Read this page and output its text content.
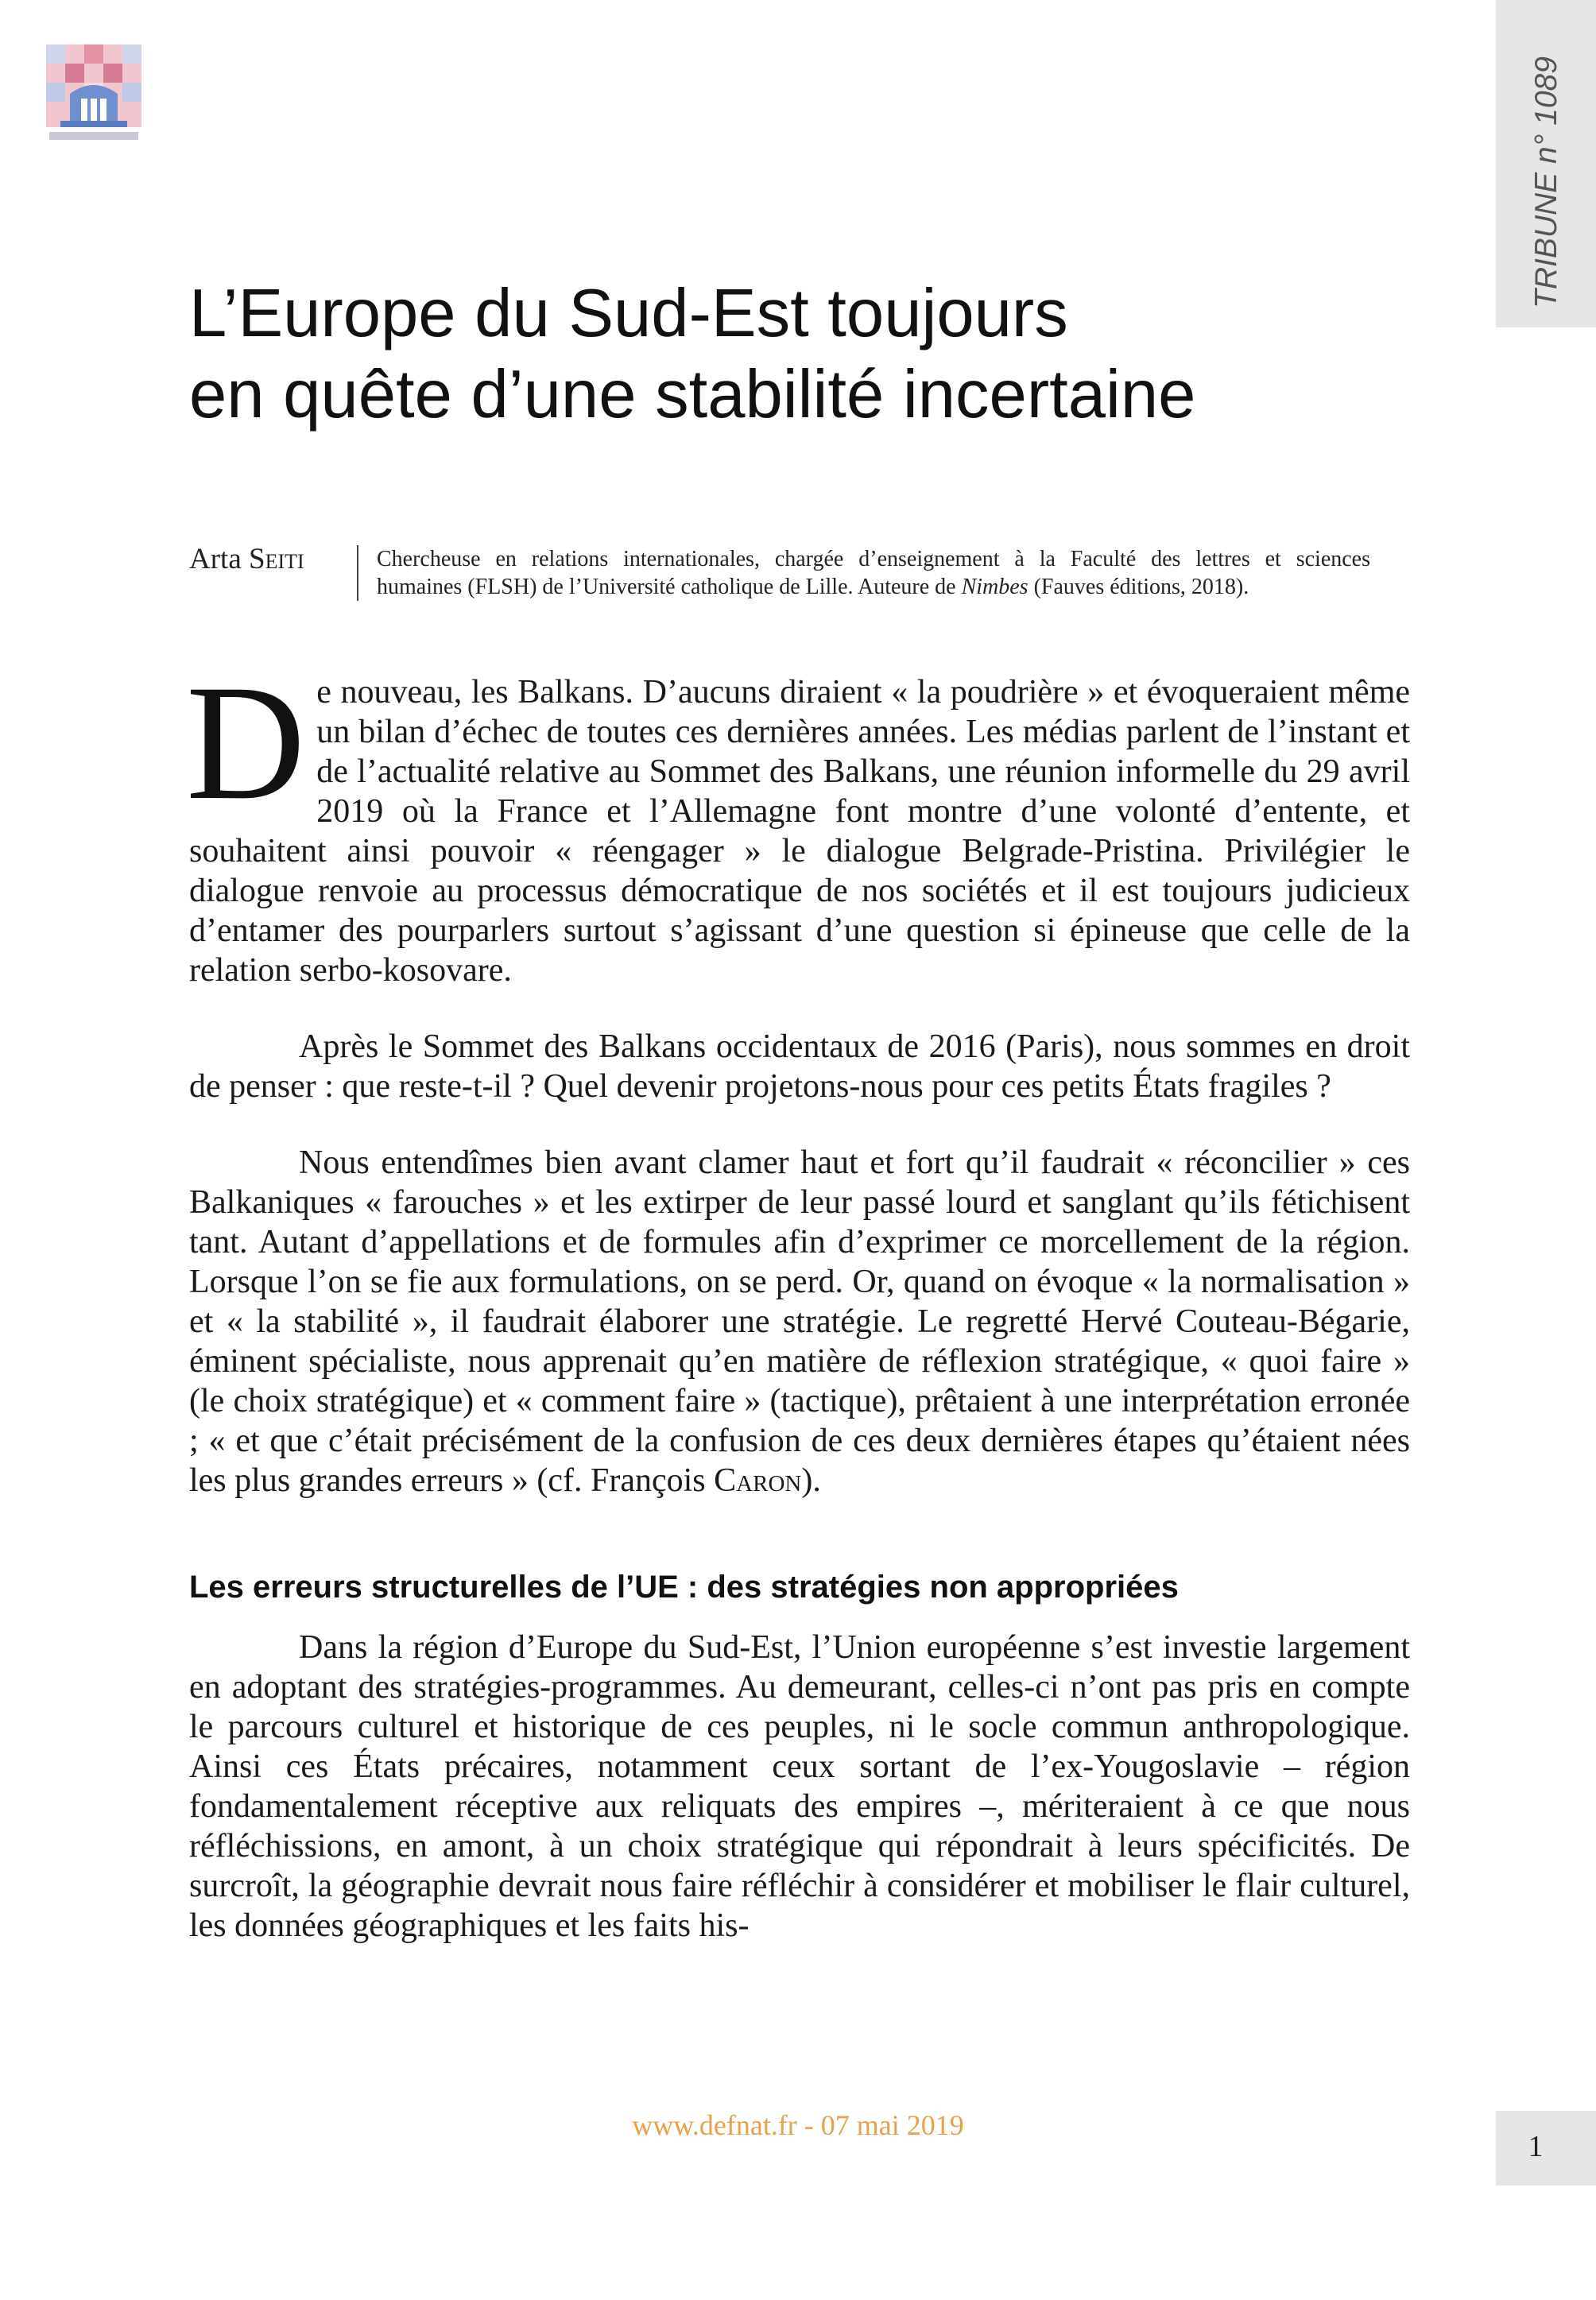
TRIBUNE n° 1089
L’Europe du Sud-Est toujours
en quête d’une stabilité incertaine
Arta Seiti	Chercheuse en relations internationales, chargée d’enseignement à la Faculté des lettres et sciences
humaines (FLSH) de l’Université catholique de Lille. Auteure de Nimbes (Fauves éditions, 2018).

De nouveau, les Balkans. D’aucuns diraient « la poudrière » et évoqueraient même un bilan d’échec de toutes ces dernières années. Les médias parlent de l’instant et de l’actualité relative au Sommet des Balkans, une réunion informelle du 29 avril 2019 où la France et l’Allemagne font montre d’une volonté d’entente, et souhaitent ainsi pouvoir « réengager » le dialogue Belgrade-Pristina. Privilégier le dialogue renvoie au processus démocratique de nos sociétés et il est toujours judicieux d’entamer des pourparlers surtout s’agissant d’une question si épineuse que celle de la relation serbo-kosovare.

Après le Sommet des Balkans occidentaux de 2016 (Paris), nous sommes en droit de penser : que reste-t-il ? Quel devenir projetons-nous pour ces petits États fragiles ?

Nous entendîmes bien avant clamer haut et fort qu’il faudrait « réconcilier » ces Balkaniques « farouches » et les extirper de leur passé lourd et sanglant qu’ils fétichisent tant. Autant d’appellations et de formules afin d’exprimer ce morcellement de la région. Lorsque l’on se fie aux formulations, on se perd. Or, quand on évoque « la normalisation » et « la stabilité », il faudrait élaborer une stratégie. Le regretté Hervé Couteau-Bégarie, éminent spécialiste, nous apprenait qu’en matière de réflexion stratégique, « quoi faire » (le choix stratégique) et « comment faire » (tactique), prêtaient à une interprétation erronée ; « et que c’était précisément de la confusion de ces deux dernières étapes qu’étaient nées les plus grandes erreurs » (cf. François Caron).

Les erreurs structurelles de l’UE : des stratégies non appropriées

Dans la région d’Europe du Sud-Est, l’Union européenne s’est investie largement en adoptant des stratégies-programmes. Au demeurant, celles-ci n’ont pas pris en compte le parcours culturel et historique de ces peuples, ni le socle commun anthropologique. Ainsi ces États précaires, notamment ceux sortant de l’ex-Yougoslavie – région fondamentalement réceptive aux reliquats des empires –, mériteraient à ce que nous réfléchissions, en amont, à un choix stratégique qui répondrait à leurs spécificités. De surcroît, la géographie devrait nous faire réfléchir à considérer et mobiliser le flair culturel, les données géographiques et les faits his-

www.defnat.fr - 07 mai 2019
1
